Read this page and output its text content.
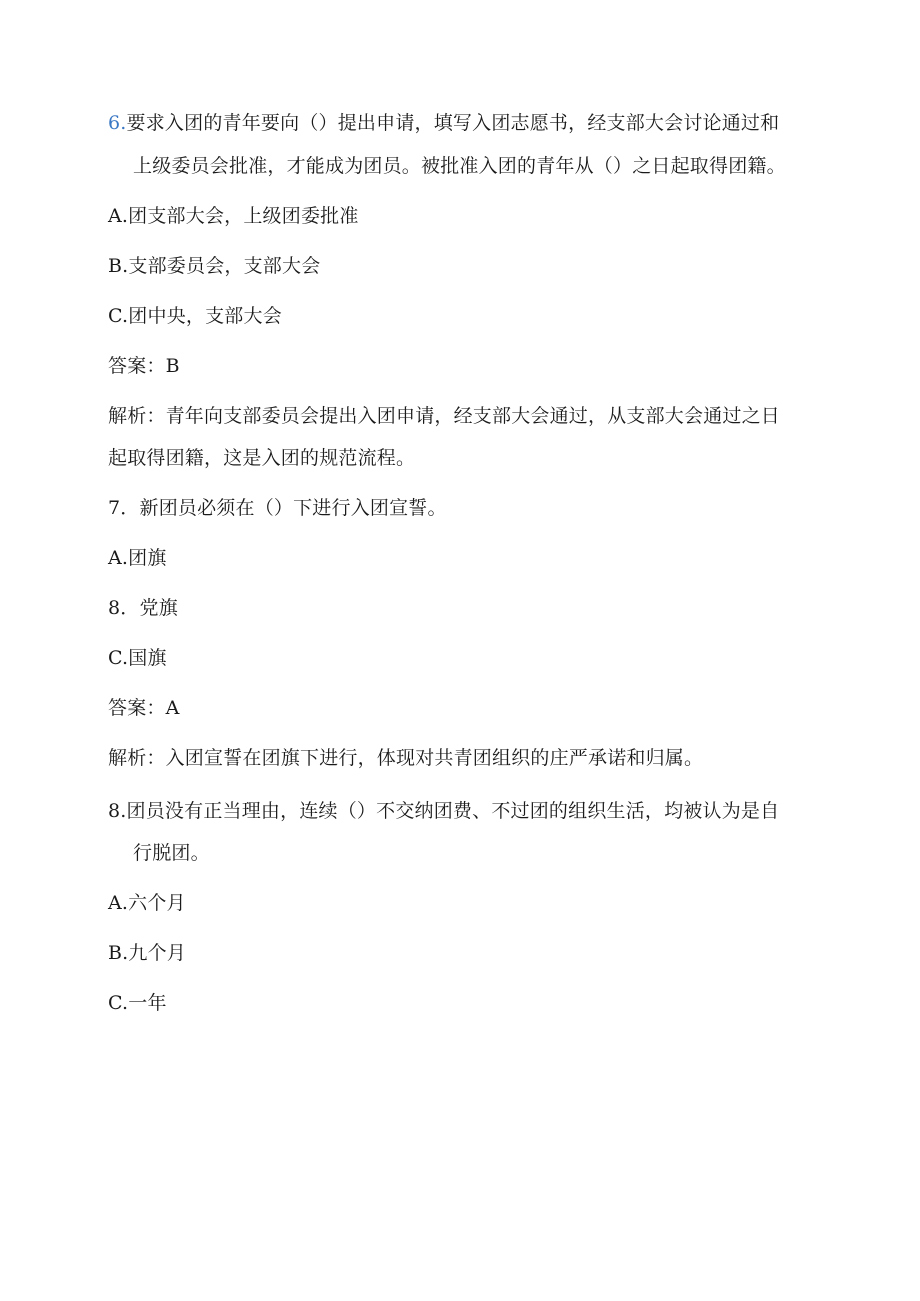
6.要求入团的青年要向（）提出申请，填写入团志愿书，经支部大会讨论通过和
上级委员会批准，才能成为团员。被批准入团的青年从（）之日起取得团籍。
A.团支部大会，上级团委批准
B.支部委员会，支部大会
C.团中央，支部大会
答案：B
解析：青年向支部委员会提出入团申请，经支部大会通过，从支部大会通过之日
起取得团籍，这是入团的规范流程。
7．新团员必须在（）下进行入团宣誓。
A.团旗
8．党旗
C.国旗
答案：A
解析：入团宣誓在团旗下进行，体现对共青团组织的庄严承诺和归属。
8.团员没有正当理由，连续（）不交纳团费、不过团的组织生活，均被认为是自
行脱团。
A.六个月
B.九个月
C.一年
